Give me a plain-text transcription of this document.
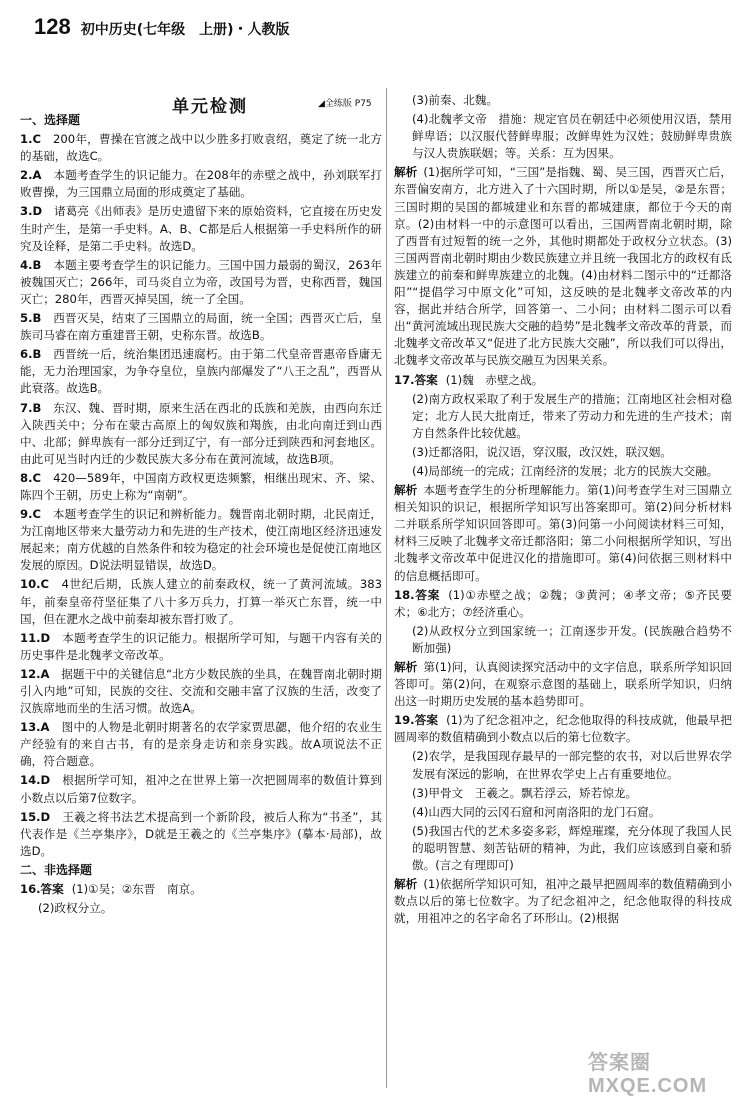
128 初中历史(七年级　上册)・人教版
单元检测	◢全练版 P75
一、选择题
1.C　 200年，曹操在官渡之战中以少胜多打败袁绍，奠定了统一北方的基础，故选C。
2.A　 本题考查学生的识记能力。在208年的赤壁之战中，孙刘联军打败曹操，为三国鼎立局面的形成奠定了基础。
3.D　 诸葛亮《出师表》是历史遗留下来的原始资料，它直接在历史发生时产生，是第一手史料。A、B、C都是后人根据第一手史料所作的研究及诠释，是第二手史料。故选D。
4.B　 本题主要考查学生的识记能力。三国中国力最弱的蜀汉，263年被魏国灭亡；266年，司马炎自立为帝，改国号为晋，史称西晋，魏国灭亡；280年，西晋灭掉吴国，统一了全国。
5.B　 西晋灭吴，结束了三国鼎立的局面，统一全国；西晋灭亡后，皇族司马睿在南方重建晋王朝，史称东晋。故选B。
6.B　 西晋统一后，统治集团迅速腐朽。由于第二代皇帝晋惠帝昏庸无能，无力治理国家，为争夺皇位，皇族内部爆发了“八王之乱”，西晋从此衰落。故选B。
7.B　 东汉、魏、晋时期，原来生活在西北的氐族和羌族，由西向东迁入陕西关中；分布在蒙古高原上的匈奴族和羯族，由北向南迁到山西中、北部；鲜卑族有一部分迁到辽宁，有一部分迁到陕西和河套地区。由此可见当时内迁的少数民族大多分布在黄河流域，故选B项。
8.C　 420—589年，中国南方政权更迭频繁，相继出现宋、齐、梁、陈四个王朝，历史上称为“南朝”。
9.C　 本题考查学生的识记和辨析能力。魏晋南北朝时期，北民南迁，为江南地区带来大量劳动力和先进的生产技术，使江南地区经济迅速发展起来；南方优越的自然条件和较为稳定的社会环境也是促使江南地区发展的原因。D说法明显错误，故选D。
10.C　 4世纪后期，氐族人建立的前秦政权，统一了黄河流域。383年，前秦皇帝苻坚征集了八十多万兵力，打算一举灭亡东晋，统一中国，但在淝水之战中前秦却被东晋打败了。
11.D　 本题考查学生的识记能力。根据所学可知，与题干内容有关的历史事件是北魏孝文帝改革。
12.A　 据题干中的关键信息“北方少数民族的坐具，在魏晋南北朝时期引入内地”可知，民族的交往、交流和交融丰富了汉族的生活，改变了汉族席地而坐的生活习惯。故选A。
13.A　 图中的人物是北朝时期著名的农学家贾思勰，他介绍的农业生产经验有的来自古书，有的是亲身走访和亲身实践。故A项说法不正确，符合题意。
14.D　 根据所学可知，祖冲之在世界上第一次把圆周率的数值计算到小数点以后第7位数字。
15.D　 王羲之将书法艺术提高到一个新阶段，被后人称为“书圣”，其代表作是《兰亭集序》，D就是王羲之的《兰亭集序》(摹本·局部)，故选D。
二、非选择题
16.答案 (1)①吴；②东晋　南京。
(2)政权分立。
(3)前秦、北魏。
(4)北魏孝文帝　措施：规定官员在朝廷中必须使用汉语，禁用鲜卑语；以汉服代替鲜卑服；改鲜卑姓为汉姓；鼓励鲜卑贵族与汉人贵族联姻；等。关系：互为因果。
解析 (1)据所学可知，“三国”是指魏、蜀、吴三国，西晋灭亡后，东晋偏安南方，北方进入了十六国时期，所以①是吴，②是东晋；三国时期的吴国的都城建业和东晋的都城建康，都位于今天的南京。(2)由材料一中的示意图可以看出，三国两晋南北朝时期，除了西晋有过短暂的统一之外，其他时期都处于政权分立状态。(3)三国两晋南北朝时期由少数民族建立并且统一我国北方的政权有氐族建立的前秦和鲜卑族建立的北魏。(4)由材料二图示中的“迁都洛阳”“提倡学习中原文化”可知，这反映的是北魏孝文帝改革的内容，据此并结合所学，回答第一、二小问；由材料二图示可以看出“黄河流域出现民族大交融的趋势”是北魏孝文帝改革的背景，而北魏孝文帝改革又“促进了北方民族大交融”，所以我们可以得出，北魏孝文帝改革与民族交融互为因果关系。
17.答案 (1)魏　赤壁之战。
(2)南方政权采取了利于发展生产的措施；江南地区社会相对稳定；北方人民大批南迁，带来了劳动力和先进的生产技术；南方自然条件比较优越。
(3)迁都洛阳，说汉语，穿汉服，改汉姓，联汉姻。
(4)局部统一的完成；江南经济的发展；北方的民族大交融。
解析 本题考查学生的分析理解能力。第(1)问考查学生对三国鼎立相关知识的识记，根据所学知识写出答案即可。第(2)问分析材料二并联系所学知识回答即可。第(3)问第一小问阅读材料三可知，材料三反映了北魏孝文帝迁都洛阳；第二小问根据所学知识，写出北魏孝文帝改革中促进汉化的措施即可。第(4)问依据三则材料中的信息概括即可。
18.答案 (1)①赤壁之战；②魏；③黄河；④孝文帝；⑤齐民要术；⑥北方；⑦经济重心。
(2)从政权分立到国家统一；江南逐步开发。(民族融合趋势不断加强)
解析 第(1)问，认真阅读探究活动中的文字信息，联系所学知识回答即可。第(2)问，在观察示意图的基础上，联系所学知识，归纳出这一时期历史发展的基本趋势即可。
19.答案 (1)为了纪念祖冲之，纪念他取得的科技成就，他最早把圆周率的数值精确到小数点以后的第七位数字。
(2)农学，是我国现存最早的一部完整的农书，对以后世界农学发展有深远的影响，在世界农学史上占有重要地位。
(3)甲骨文　王羲之。飘若浮云，矫若惊龙。
(4)山西大同的云冈石窟和河南洛阳的龙门石窟。
(5)我国古代的艺术多姿多彩，辉煌璀璨，充分体现了我国人民的聪明智慧、刻苦钻研的精神，为此，我们应该感到自豪和骄傲。(言之有理即可)
解析 (1)依据所学知识可知，祖冲之最早把圆周率的数值精确到小数点以后的第七位数字。为了纪念祖冲之，纪念他取得的科技成就，用祖冲之的名字命名了环形山。(2)根据
答案圈 MXQE.COM
